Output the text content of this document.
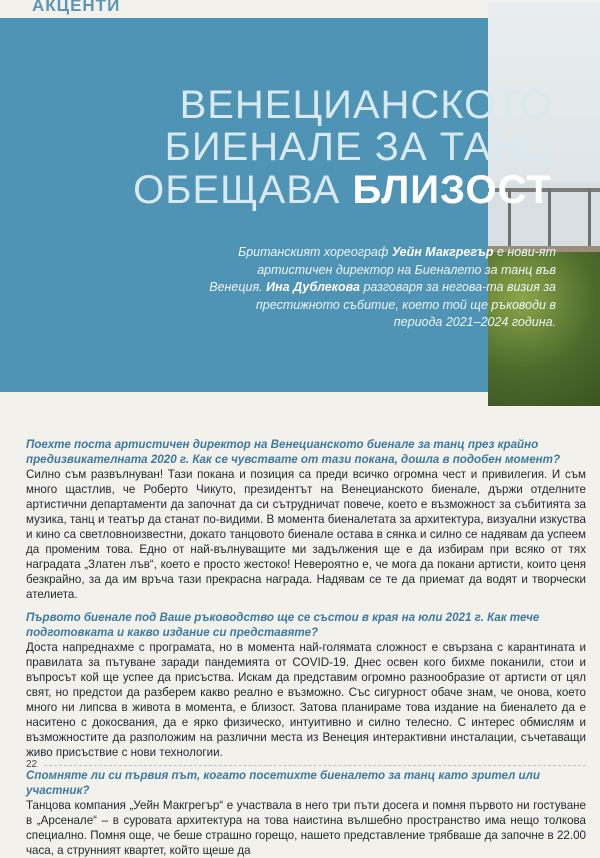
АКЦЕНТИ
ВЕНЕЦИАНСКОТО
БИЕНАЛЕ ЗА ТАНЦ
ОБЕЩАВА БЛИЗОСТ
Британският хореограф Уейн Макгрегър е нови-ят артистичен директор на Биеналето за танц във Венеция. Ина Дублекова разговаря за негова-та визия за престижното събитие, което той ще ръководи в периода 2021–2024 година.
Поехте поста артистичен директор на Венецианското биенале за танц през крайно предизвикателната 2020 г. Как се чувствате от тази покана, дошла в подобен момент?
Силно съм развълнуван! Тази покана и позиция са преди всичко огромна чест и привилегия. И съм много щастлив, че Роберто Чикуто, президентът на Венецианското биенале, държи отделните артистични департаменти да започнат да си сътрудничат повече, което е възможност за събитията за музика, танц и театър да станат по-видими. В момента биеналетата за архитектура, визуални изкуства и кино са светловноизвестни, докато танцовото биенале остава в сянка и силно се надявам да успеем да променим това. Едно от най-вълнуващите ми задължения ще е да избирам при всяко от тях наградата „Златен лъв“, което е просто жестоко! Невероятно е, че мога да покани артисти, които ценя безкрайно, за да им връча тази прекрасна награда. Надявам се те да приемат да водят и творчески ателиета.
Първото биенале под Ваше ръководство ще се състои в края на юли 2021 г. Как тече подготовката и какво издание си представяте?
Доста напреднахме с програмата, но в момента най-голямата сложност е свързана с карантината и правилата за пътуване заради пандемията от COVID-19. Днес освен кого бихме поканили, стои и въпросът кой ще успее да присъства. Искам да представим огромно разнообразие от артисти от цял свят, но предстои да разберем какво реално е възможно. Със сигурност обаче знам, че онова, което много ни липсва в живота в момента, е близост. Затова планираме това издание на биеналето да е наситено с докосвания, да е ярко физическо, интуитивно и силно телесно. С интерес обмислям и възможностите да разположим на различни места из Венеция интерактивни инсталации, съчетаващи живо присъствие с нови технологии.
Спомняте ли си първия път, когато посетихте биеналето за танц като зрител или участник?
Танцова компания „Уейн Макгрегър“ е участвала в него три пъти досега и помня първото ни гостуване в „Арсенале“ – в суровата архитектура на това наистина вълшебно пространство има нещо толкова специално. Помня още, че беше страшно горещо, нашето представление трябваше да започне в 22.00 часа, а струнният квартет, който щеше да
22
